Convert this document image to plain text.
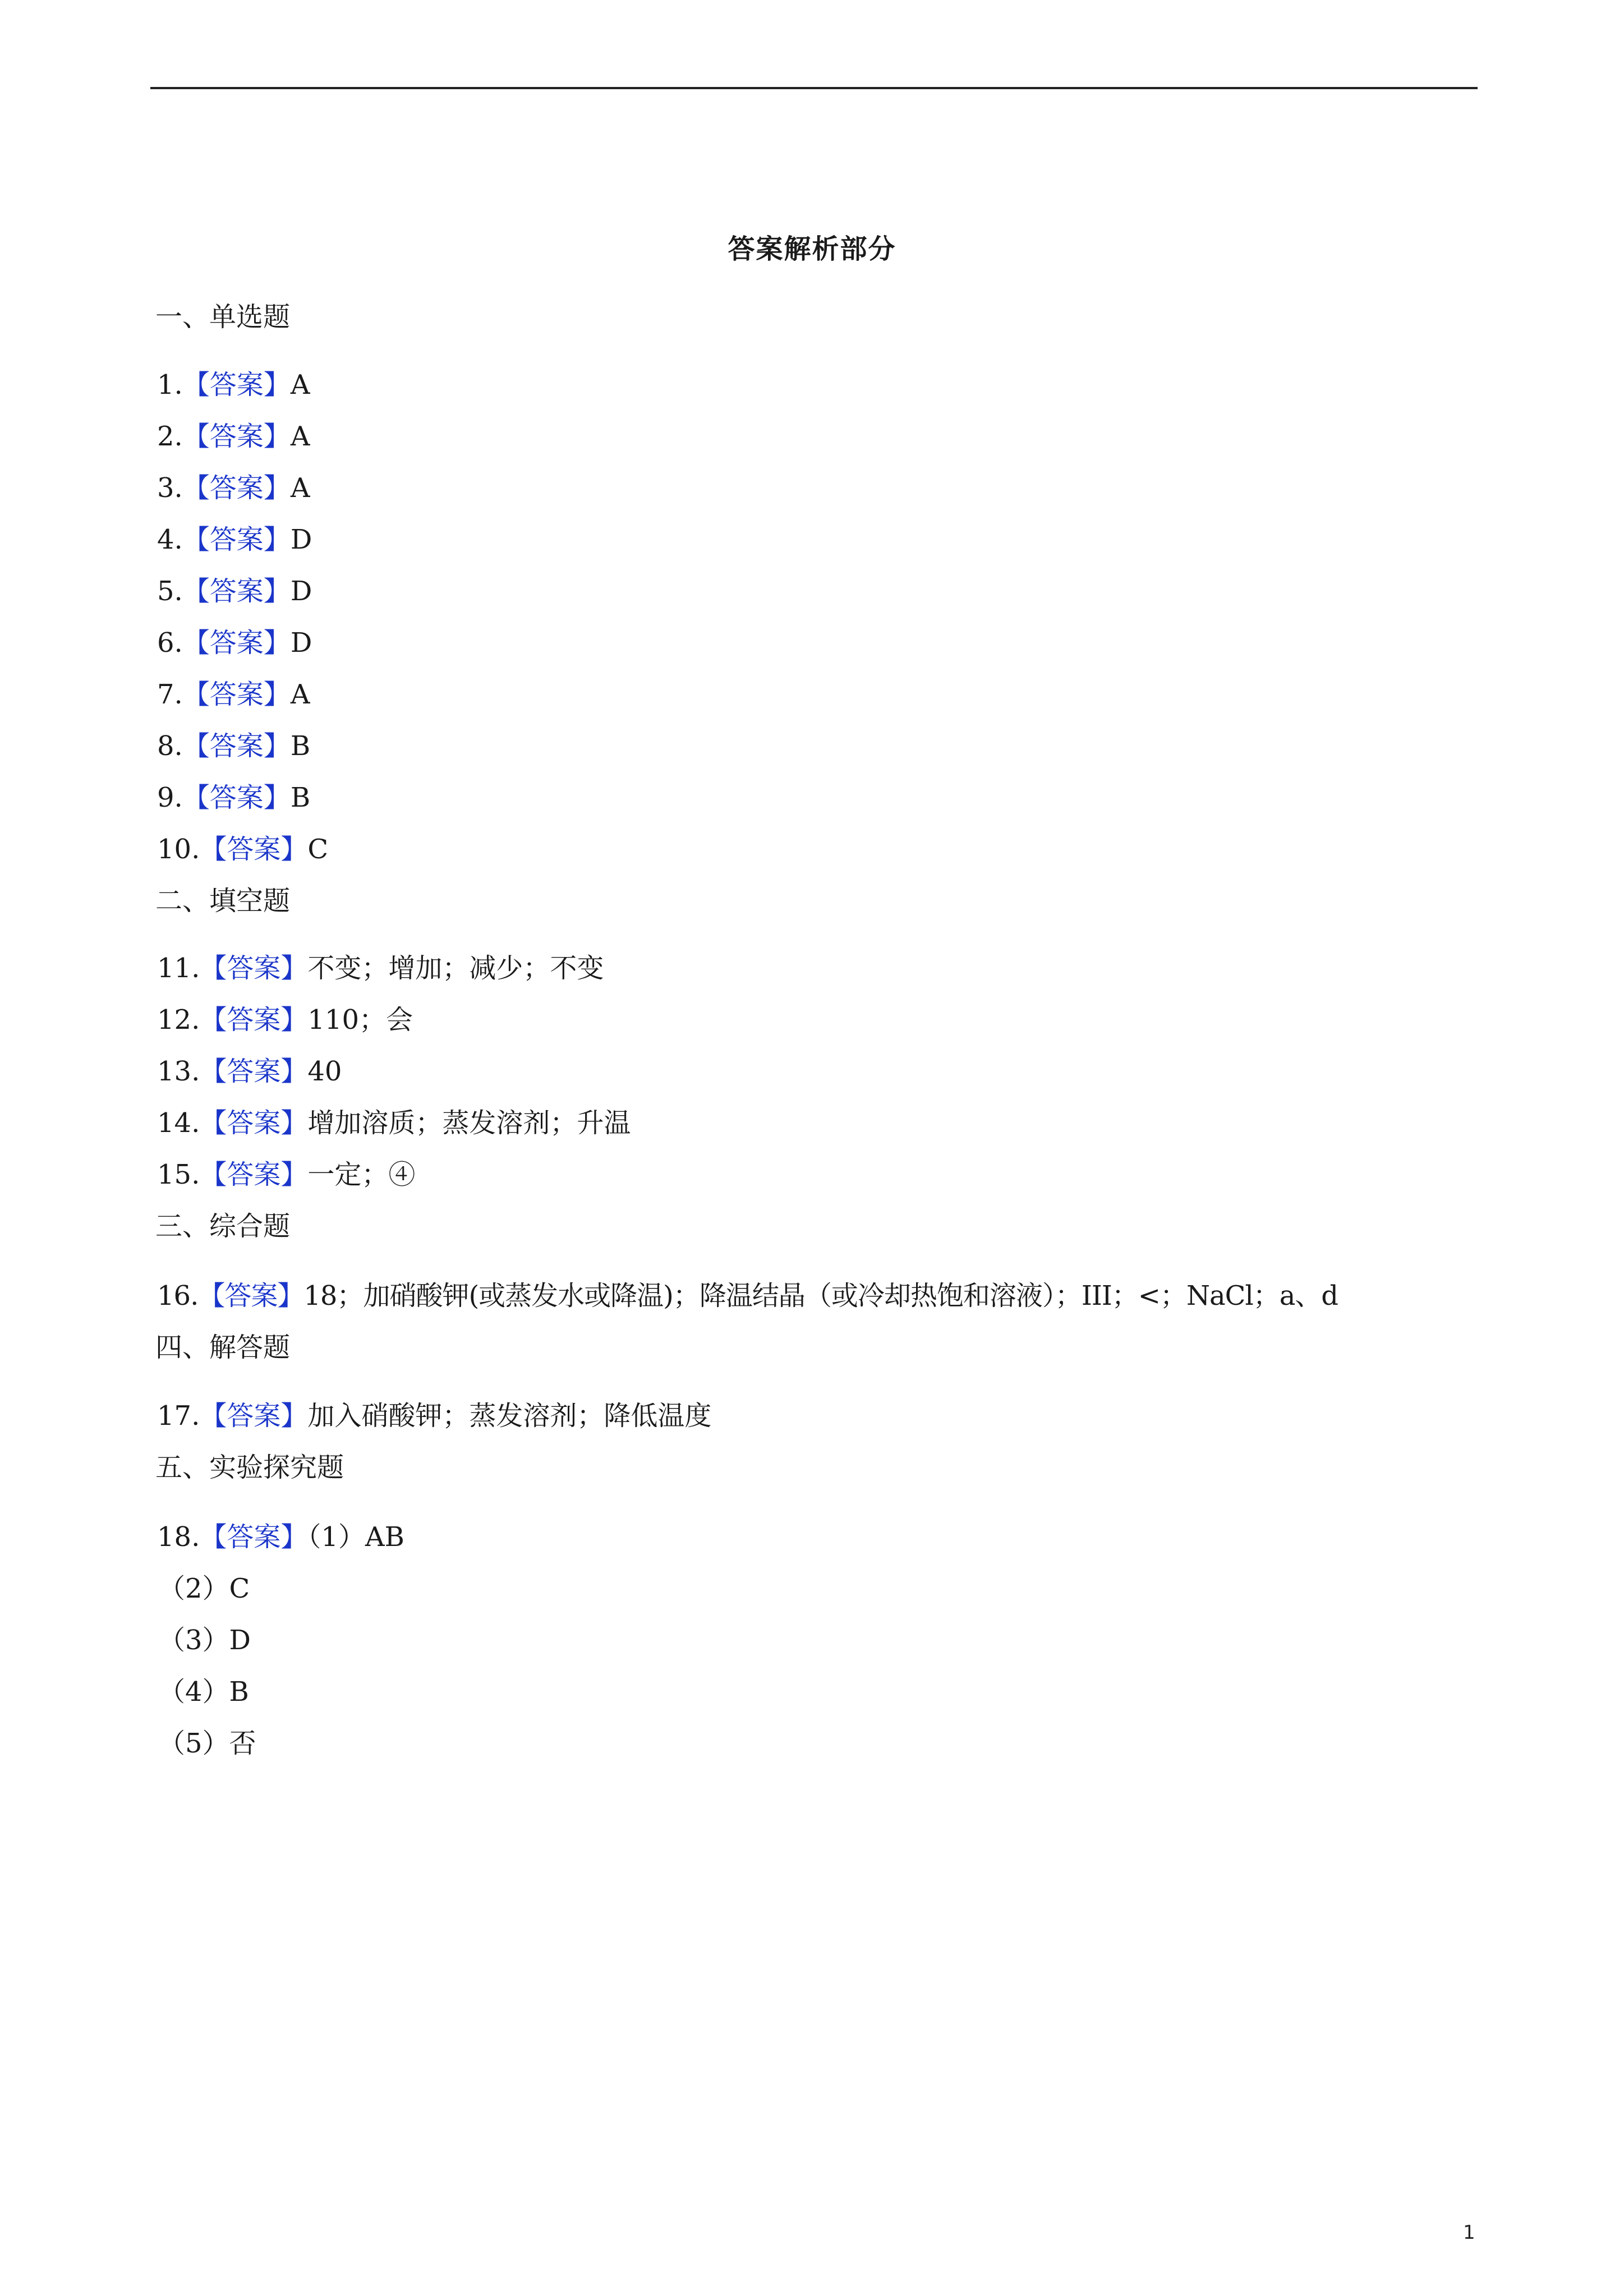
答案解析部分
一、单选题
1.【答案】A
2.【答案】A
3.【答案】A
4.【答案】D
5.【答案】D
6.【答案】D
7.【答案】A
8.【答案】B
9.【答案】B
10.【答案】C
二、填空题
11.【答案】不变；增加；减少；不变
12.【答案】110；会
13.【答案】40
14.【答案】增加溶质；蒸发溶剂；升温
15.【答案】一定；④
三、综合题
16.【答案】18；加硝酸钾(或蒸发水或降温)；降温结晶（或冷却热饱和溶液）；III；<；NaCl；a、d
四、解答题
17.【答案】加入硝酸钾；蒸发溶剂；降低温度
五、实验探究题
18.【答案】（1）AB
（2）C
（3）D
（4）B
（5）否
1
